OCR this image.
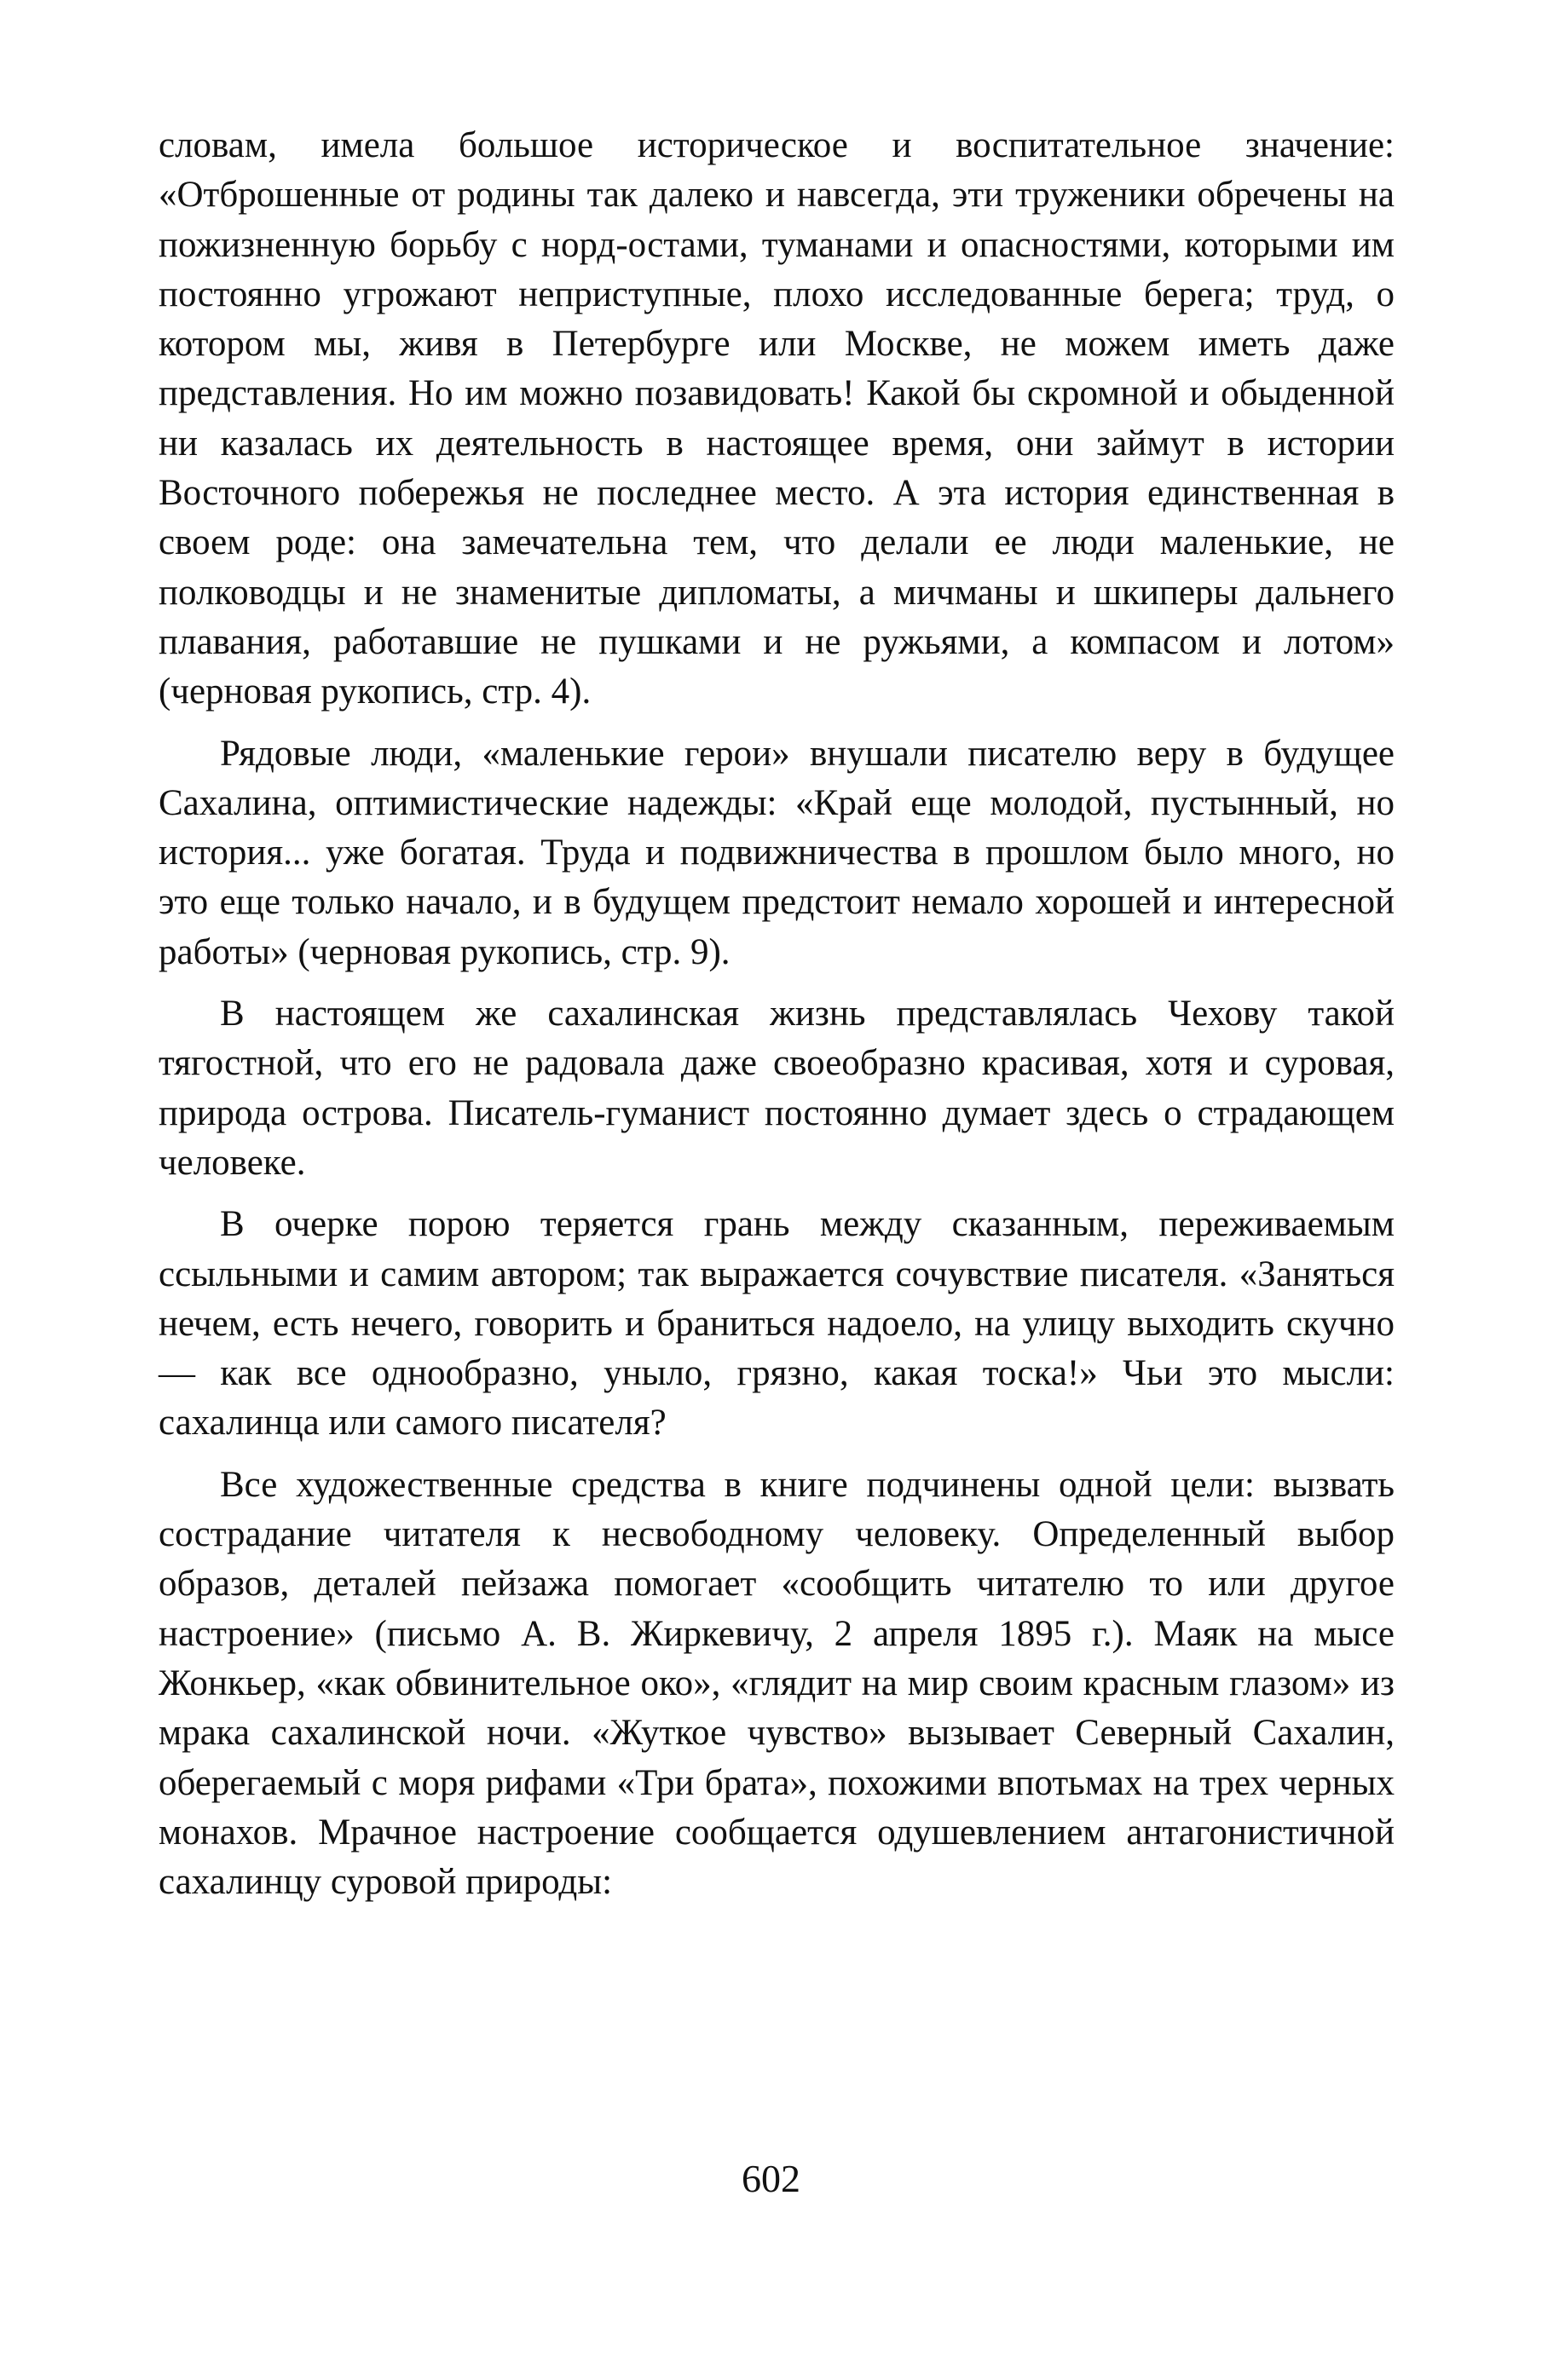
словам, имела большое историческое и воспитательное значение: «Отброшенные от родины так далеко и навсегда, эти труженики обречены на пожизненную борьбу с норд-остами, туманами и опасностями, которыми им постоянно угрожают неприступные, плохо исследованные берега; труд, о котором мы, живя в Петербурге или Москве, не можем иметь даже представления. Но им можно позавидовать! Какой бы скромной и обыденной ни казалась их деятельность в настоящее время, они займут в истории Восточного побережья не последнее место. А эта история единственная в своем роде: она замечательна тем, что делали ее люди маленькие, не полководцы и не знаменитые дипломаты, а мичманы и шкиперы дальнего плавания, работавшие не пушками и не ружьями, а компасом и лотом» (черновая рукопись, стр. 4).

Рядовые люди, «маленькие герои» внушали писателю веру в будущее Сахалина, оптимистические надежды: «Край еще молодой, пустынный, но история... уже богатая. Труда и подвижничества в прошлом было много, но это еще только начало, и в будущем предстоит немало хорошей и интересной работы» (черновая рукопись, стр. 9).

В настоящем же сахалинская жизнь представлялась Чехову такой тягостной, что его не радовала даже своеобразно красивая, хотя и суровая, природа острова. Писатель-гуманист постоянно думает здесь о страдающем человеке.

В очерке порою теряется грань между сказанным, переживаемым ссыльными и самим автором; так выражается сочувствие писателя. «Заняться нечем, есть нечего, говорить и браниться надоело, на улицу выходить скучно — как все однообразно, уныло, грязно, какая тоска!» Чьи это мысли: сахалинца или самого писателя?

Все художественные средства в книге подчинены одной цели: вызвать сострадание читателя к несвободному человеку. Определенный выбор образов, деталей пейзажа помогает «сообщить читателю то или другое настроение» (письмо А. В. Жиркевичу, 2 апреля 1895 г.). Маяк на мысе Жонкьер, «как обвинительное око», «глядит на мир своим красным глазом» из мрака сахалинской ночи. «Жуткое чувство» вызывает Северный Сахалин, оберегаемый с моря рифами «Три брата», похожими впотьмах на трех черных монахов. Мрачное настроение сообщается одушевлением антагонистичной сахалинцу суровой природы:

602
